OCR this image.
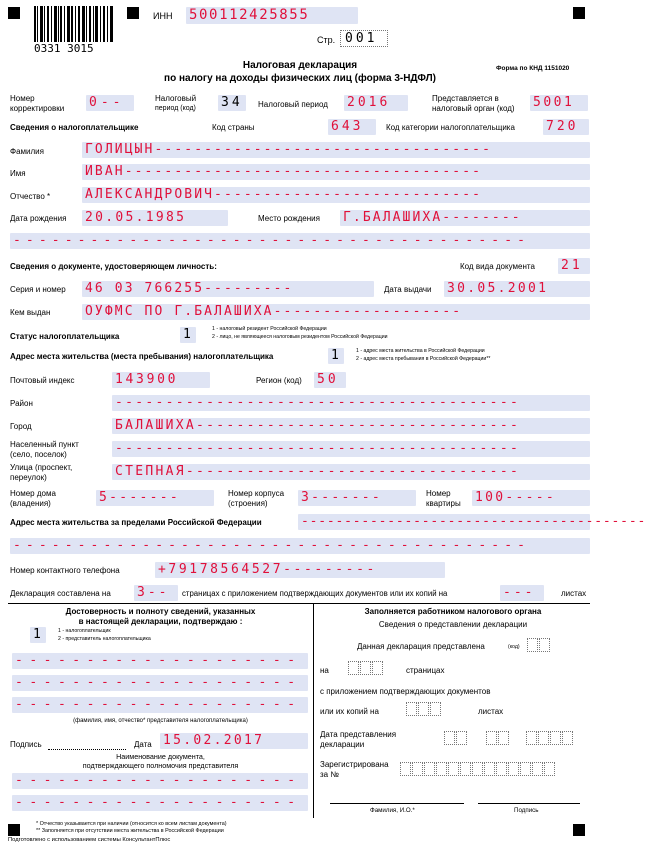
0331 3015
ИНН 500112425855
Стр. 001
Форма по КНД 1151020
Налоговая декларация
по налогу на доходы физических лиц (форма 3-НДФЛ)
Номер
корректировки 0--	Налоговый
период (код) 34	Налоговый период 2016	Представляется в
налоговый орган (код) 5001
Сведения о налогоплательщике	Код страны	643	Код категории налогоплательщика 720
Фамилия	ГОЛИЦЫН----------------------------------
Имя	ИВАН------------------------------------
Отчество *	АЛЕКСАНДРОВИЧ---------------------------
Дата рождения 20.05.1985	Место рождения Г.БАЛАШИХА--------
----------------------------------------
Сведения о документе, удостоверяющем личность:	Код вида документа 21
Серия и номер 46 03 766255---------	Дата выдачи 30.05.2001
Кем выдан	ОУФМС ПО Г.БАЛАШИХА-------------------
Статус налогоплательщика	1	1 - налоговый резидент Российской Федерации
2 - лицо, не являющееся налоговым резидентом Российской Федерации
Адрес места жительства (места пребывания) налогоплательщика	1	1 - адрес места жительства в Российской Федерации
2 - адрес места пребывания в Российской Федерации**
Почтовый индекс	143900	Регион (код) 50
Район	----------------------------------------
Город	БАЛАШИХА--------------------------------
Населенный пункт
(село, поселок)	----------------------------------------
Улица (проспект,
переулок)	СТЕПНАЯ---------------------------------
Номер дома
(владения)	5-------	Номер корпуса
(строения)	3-------	Номер
квартиры 100-----
Адрес места жительства за пределами Российской Федерации	----------------------------------------
----------------------------------------
Номер контактного телефона	+79178564527---------
Декларация составлена на 3--	страницах с приложением подтверждающих документов или их копий на	---	листах
Достоверность и полноту сведений, указанных
в настоящей декларации, подтверждаю :
1	1 - налогоплательщик
2 - представитель налогоплательщика
--------------------
--------------------
--------------------
(фамилия, имя, отчество* представителя налогоплательщика)
Подпись	Дата 15.02.2017
Наименование документа,
подтверждающего полномочия представителя
--------------------
--------------------
Заполняется работником налогового органа
Сведения о представлении декларации
Данная декларация представлена	(код)
на	страницах
с приложением подтверждающих документов
или их копий на	листах
Дата представления
декларации
Зарегистрирована
за №
Фамилия, И.О.*	Подпись
* Отчество указывается при наличии (относится ко всем листам документа)
** Заполняется при отсутствии места жительства в Российской Федерации
Подготовлено с использованием системы КонсультантПлюс
